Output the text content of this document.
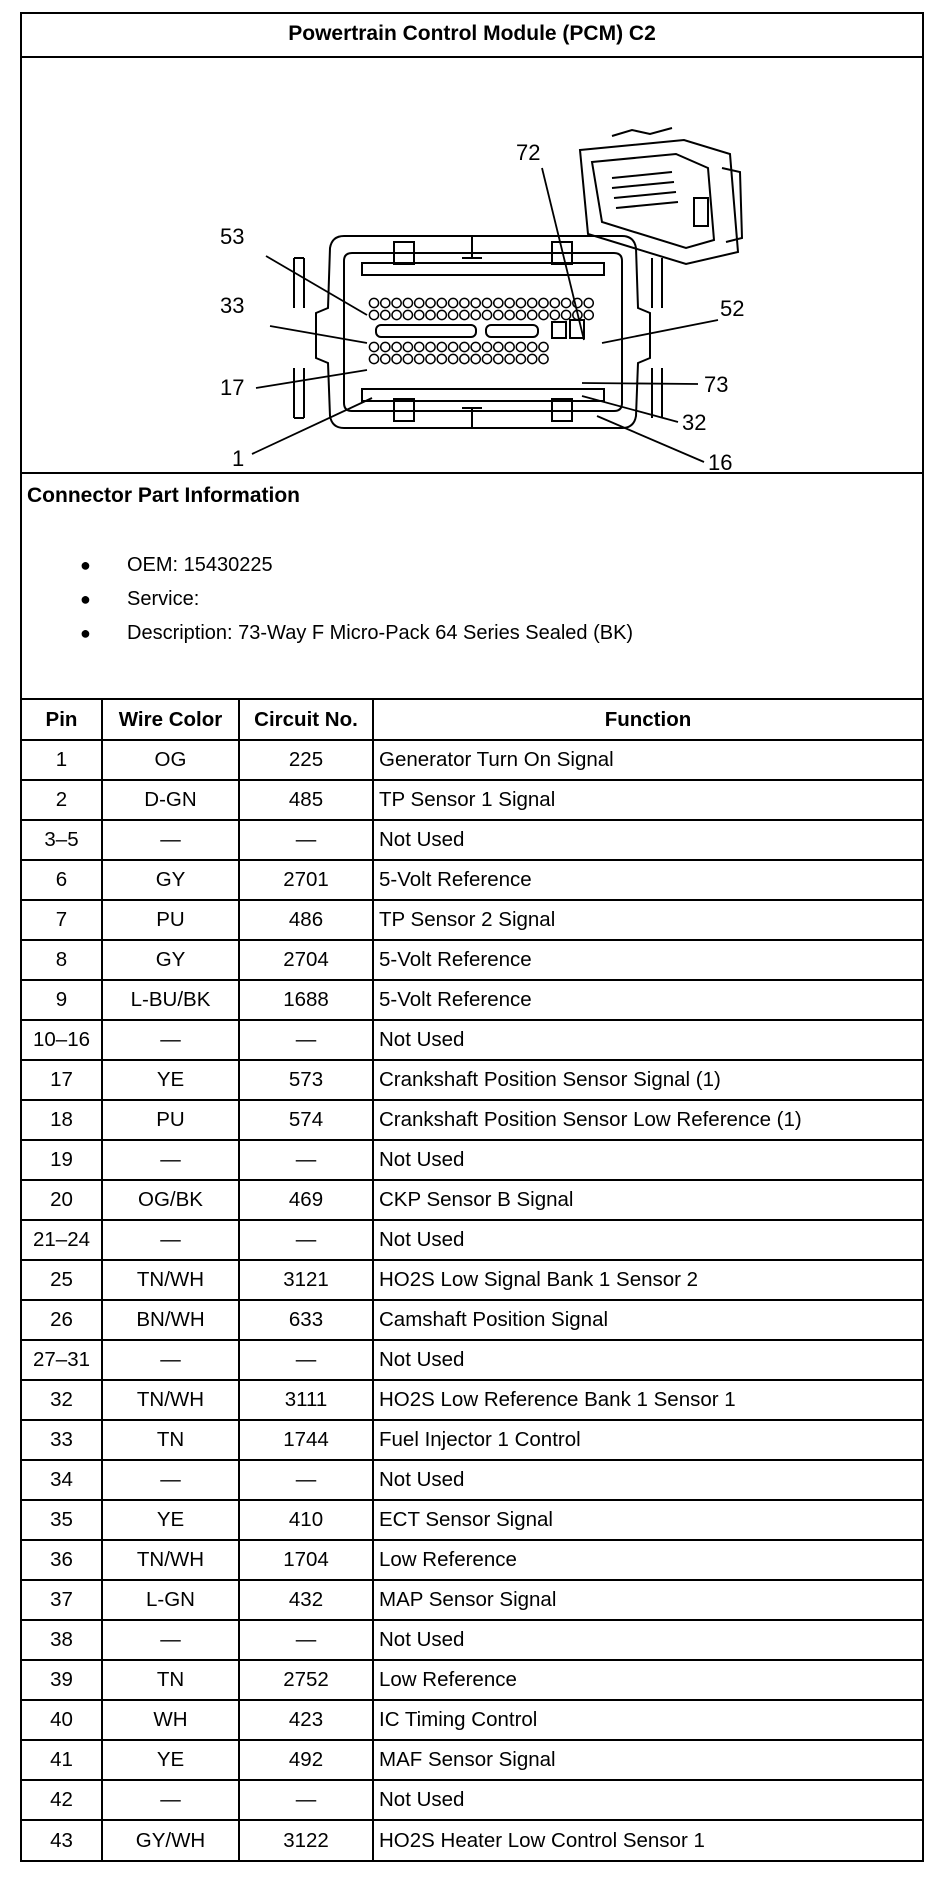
Powertrain Control Module (PCM) C2
72
53
33	52
17	73
32
1	16
Connector Part Information
● OEM: 15430225
● Service:
● Description: 73-Way F Micro-Pack 64 Series Sealed (BK)
Pin	Wire Color	Circuit No.	Function
1	OG	225	Generator Turn On Signal
2	D-GN	485	TP Sensor 1 Signal
3–5	—	—	Not Used
6	GY	2701	5-Volt Reference
7	PU	486	TP Sensor 2 Signal
8	GY	2704	5-Volt Reference
9	L-BU/BK	1688	5-Volt Reference
10–16	—	—	Not Used
17	YE	573	Crankshaft Position Sensor Signal (1)
18	PU	574	Crankshaft Position Sensor Low Reference (1)
19	—	—	Not Used
20	OG/BK	469	CKP Sensor B Signal
21–24	—	—	Not Used
25	TN/WH	3121	HO2S Low Signal Bank 1 Sensor 2
26	BN/WH	633	Camshaft Position Signal
27–31	—	—	Not Used
32	TN/WH	3111	HO2S Low Reference Bank 1 Sensor 1
33	TN	1744	Fuel Injector 1 Control
34	—	—	Not Used
35	YE	410	ECT Sensor Signal
36	TN/WH	1704	Low Reference
37	L-GN	432	MAP Sensor Signal
38	—	—	Not Used
39	TN	2752	Low Reference
40	WH	423	IC Timing Control
41	YE	492	MAF Sensor Signal
42	—	—	Not Used
43	GY/WH	3122	HO2S Heater Low Control Sensor 1
